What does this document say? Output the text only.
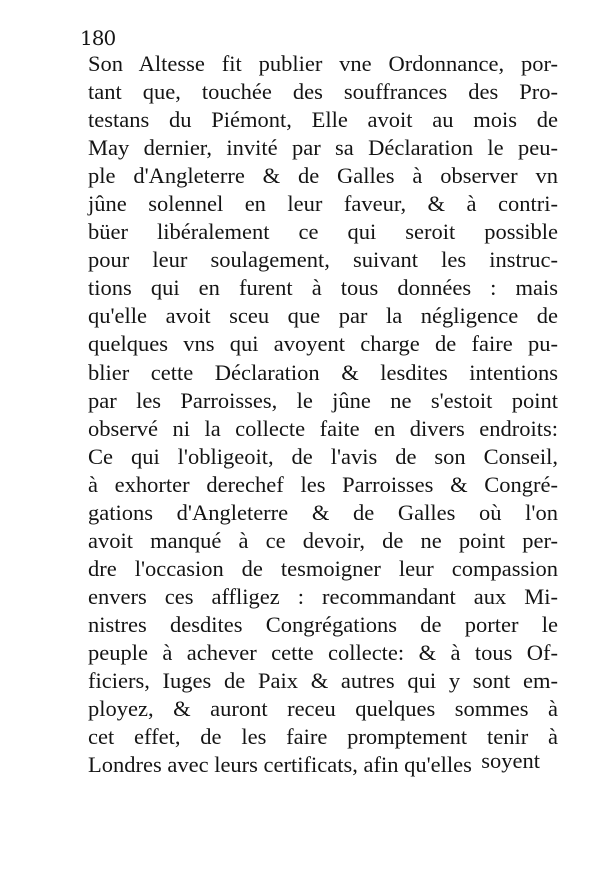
180
Son Altesse fit publier vne Ordonnance, por-
tant que, touchée des souffrances des Pro-
testans du Piémont, Elle avoit au mois de
May dernier, invité par sa Déclaration le peu-
ple d'Angleterre & de Galles à observer vn
jûne solennel en leur faveur, & à contri-
büer libéralement ce qui seroit possible
pour leur soulagement, suivant les instruc-
tions qui en furent à tous données : mais
qu'elle avoit sceu que par la négligence de
quelques vns qui avoyent charge de faire pu-
blier cette Déclaration & lesdites intentions
par les Parroisses, le jûne ne s'estoit point
observé ni la collecte faite en divers endroits:
Ce qui l'obligeoit, de l'avis de son Conseil,
à exhorter derechef les Parroisses & Congré-
gations d'Angleterre & de Galles où l'on
avoit manqué à ce devoir, de ne point per-
dre l'occasion de tesmoigner leur compassion
envers ces affligez : recommandant aux Mi-
nistres desdites Congrégations de porter le
peuple à achever cette collecte: & à tous Of-
ficiers, Iuges de Paix & autres qui y sont em-
ployez, & auront receu quelques sommes à
cet effet, de les faire promptement tenir à
Londres avec leurs certificats, afin qu'elles soyent
